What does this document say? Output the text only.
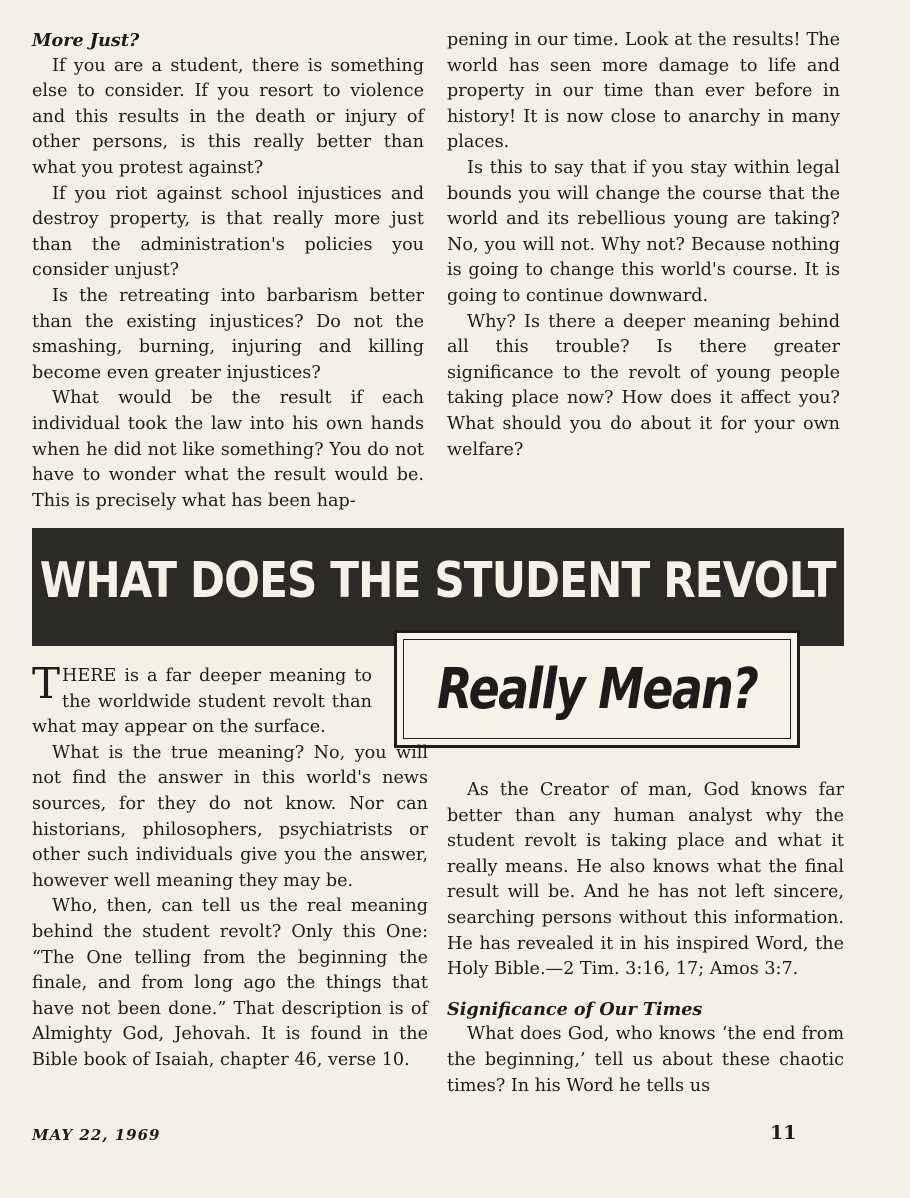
More Just?

If you are a student, there is something else to consider. If you resort to violence and this results in the death or injury of other persons, is this really better than what you protest against?

If you riot against school injustices and destroy property, is that really more just than the administration's policies you consider unjust?

Is the retreating into barbarism better than the existing injustices? Do not the smashing, burning, injuring and killing become even greater injustices?

What would be the result if each individual took the law into his own hands when he did not like something? You do not have to wonder what the result would be. This is precisely what has been hap-

pening in our time. Look at the results! The world has seen more damage to life and property in our time than ever before in history! It is now close to anarchy in many places.

Is this to say that if you stay within legal bounds you will change the course that the world and its rebellious young are taking? No, you will not. Why not? Because nothing is going to change this world's course. It is going to continue downward.

Why? Is there a deeper meaning behind all this trouble? Is there greater significance to the revolt of young people taking place now? How does it affect you? What should you do about it for your own welfare?

WHAT DOES THE STUDENT REVOLT
Really Mean?

THERE is a far deeper meaning to the worldwide student revolt than what may appear on the surface.

What is the true meaning? No, you will not find the answer in this world's news sources, for they do not know. Nor can historians, philosophers, psychiatrists or other such individuals give you the answer, however well meaning they may be.

Who, then, can tell us the real meaning behind the student revolt? Only this One: “The One telling from the beginning the finale, and from long ago the things that have not been done.” That description is of Almighty God, Jehovah. It is found in the Bible book of Isaiah, chapter 46, verse 10.

As the Creator of man, God knows far better than any human analyst why the student revolt is taking place and what it really means. He also knows what the final result will be. And he has not left sincere, searching persons without this information. He has revealed it in his inspired Word, the Holy Bible.—2 Tim. 3:16, 17; Amos 3:7.

Significance of Our Times

What does God, who knows ‘the end from the beginning,’ tell us about these chaotic times? In his Word he tells us

MAY 22, 1969	11
